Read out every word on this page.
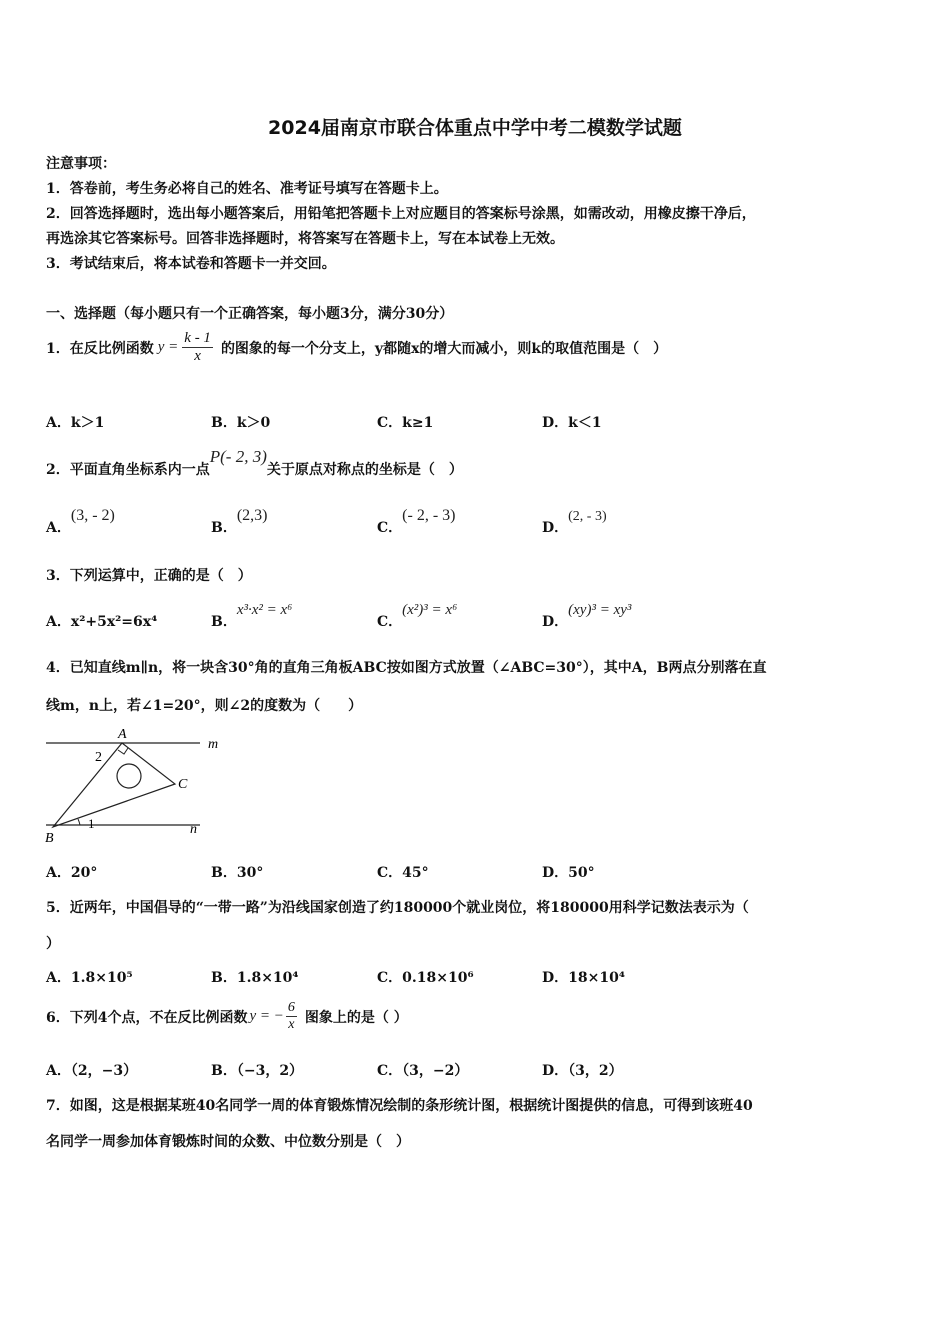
2024届南京市联合体重点中学中考二模数学试题
注意事项：
1．答卷前，考生务必将自己的姓名、准考证号填写在答题卡上。
2．回答选择题时，选出每小题答案后，用铅笔把答题卡上对应题目的答案标号涂黑，如需改动，用橡皮擦干净后，
再选涂其它答案标号。回答非选择题时，将答案写在答题卡上，写在本试卷上无效。
3．考试结束后，将本试卷和答题卡一并交回。
一、选择题（每小题只有一个正确答案，每小题3分，满分30分）
1．在反比例函数 $y = \frac{k - 1}{x}$ 的图象的每一个分支上，y都随x的增大而减小，则k的取值范围是（　）
A．k＞1	B．k＞0	C．k≥1	D．k＜1
2．平面直角坐标系内一点P(- 2, 3)关于原点对称点的坐标是（　）
A．(3, - 2)
B．(2,3)
C．(- 2, - 3)
D．(2, - 3)
3．下列运算中，正确的是（　）
A．x²+5x²=6x⁴	B．x³·x² = x⁶
C．(x²)³ = x⁶
D．(xy)³ = xy³
4．已知直线m∥n，将一块含30°角的直角三角板ABC按如图方式放置（∠ABC=30°），其中A，B两点分别落在直
线m，n上，若∠1=20°，则∠2的度数为（　　）
A
2
C
B
1
m
n
A．20°	B．30°	C．45°	D．50°
5．近两年，中国倡导的“一带一路”为沿线国家创造了约180000个就业岗位，将180000用科学记数法表示为（
）
A．1.8×10⁵	B．1.8×10⁴	C．0.18×10⁶	D．18×10⁴
6．下列4个点，不在反比例函数 y = − $\frac{6}{x}$ 图象上的是（ ）
A．（2，−3）	B．（−3，2）	C．（3，−2）	D．（3，2）
7．如图，这是根据某班40名同学一周的体育锻炼情况绘制的条形统计图，根据统计图提供的信息，可得到该班40
名同学一周参加体育锻炼时间的众数、中位数分别是（　）
